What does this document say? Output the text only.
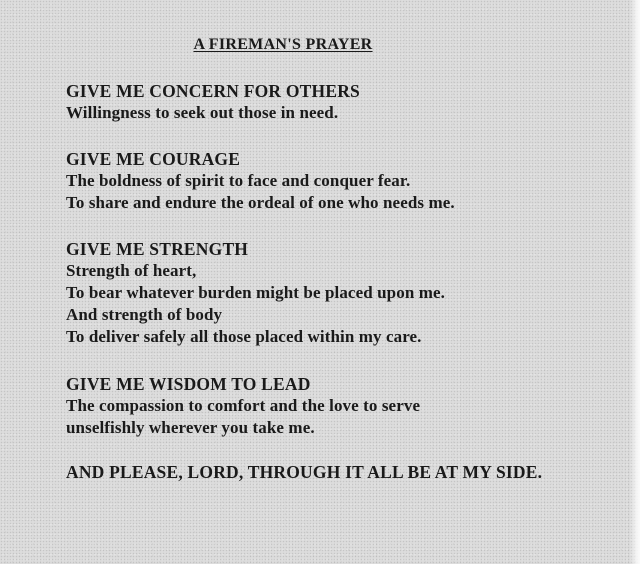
A FIREMAN'S PRAYER
GIVE ME CONCERN FOR OTHERS
Willingness to seek out those in need.
GIVE ME COURAGE
The boldness of spirit to face and conquer fear.
To share and endure the ordeal of one who needs me.
GIVE ME STRENGTH
Strength of heart,
To bear whatever burden might be placed upon me.
And strength of body
To deliver safely all those placed within my care.
GIVE ME WISDOM TO LEAD
The compassion to comfort and the love to serve
unselfishly wherever you take me.
AND PLEASE, LORD, THROUGH IT ALL BE AT MY SIDE.
